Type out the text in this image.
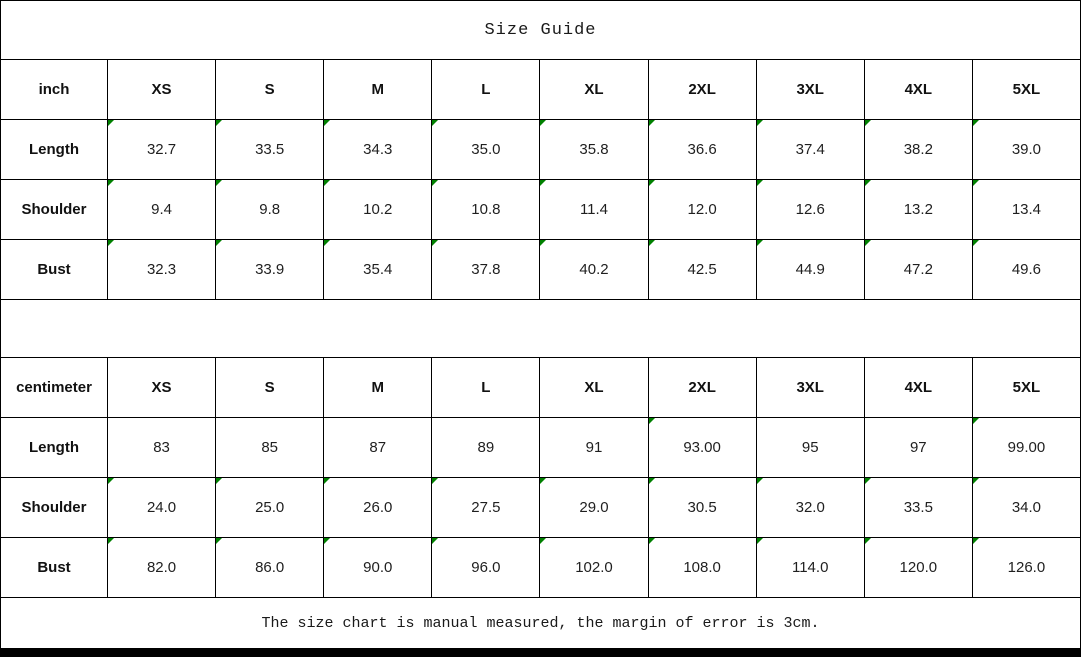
Size Guide									
inch	XS	S	M	L	XL	2XL	3XL	4XL	5XL
Length	32.7	33.5	34.3	35.0	35.8	36.6	37.4	38.2	39.0
Shoulder	9.4	9.8	10.2	10.8	11.4	12.0	12.6	13.2	13.4
Bust	32.3	33.9	35.4	37.8	40.2	42.5	44.9	47.2	49.6

centimeter	XS	S	M	L	XL	2XL	3XL	4XL	5XL
Length	83	85	87	89	91	93.00	95	97	99.00
Shoulder	24.0	25.0	26.0	27.5	29.0	30.5	32.0	33.5	34.0
Bust	82.0	86.0	90.0	96.0	102.0	108.0	114.0	120.0	126.0
The size chart is manual measured, the margin of error is 3cm.									
